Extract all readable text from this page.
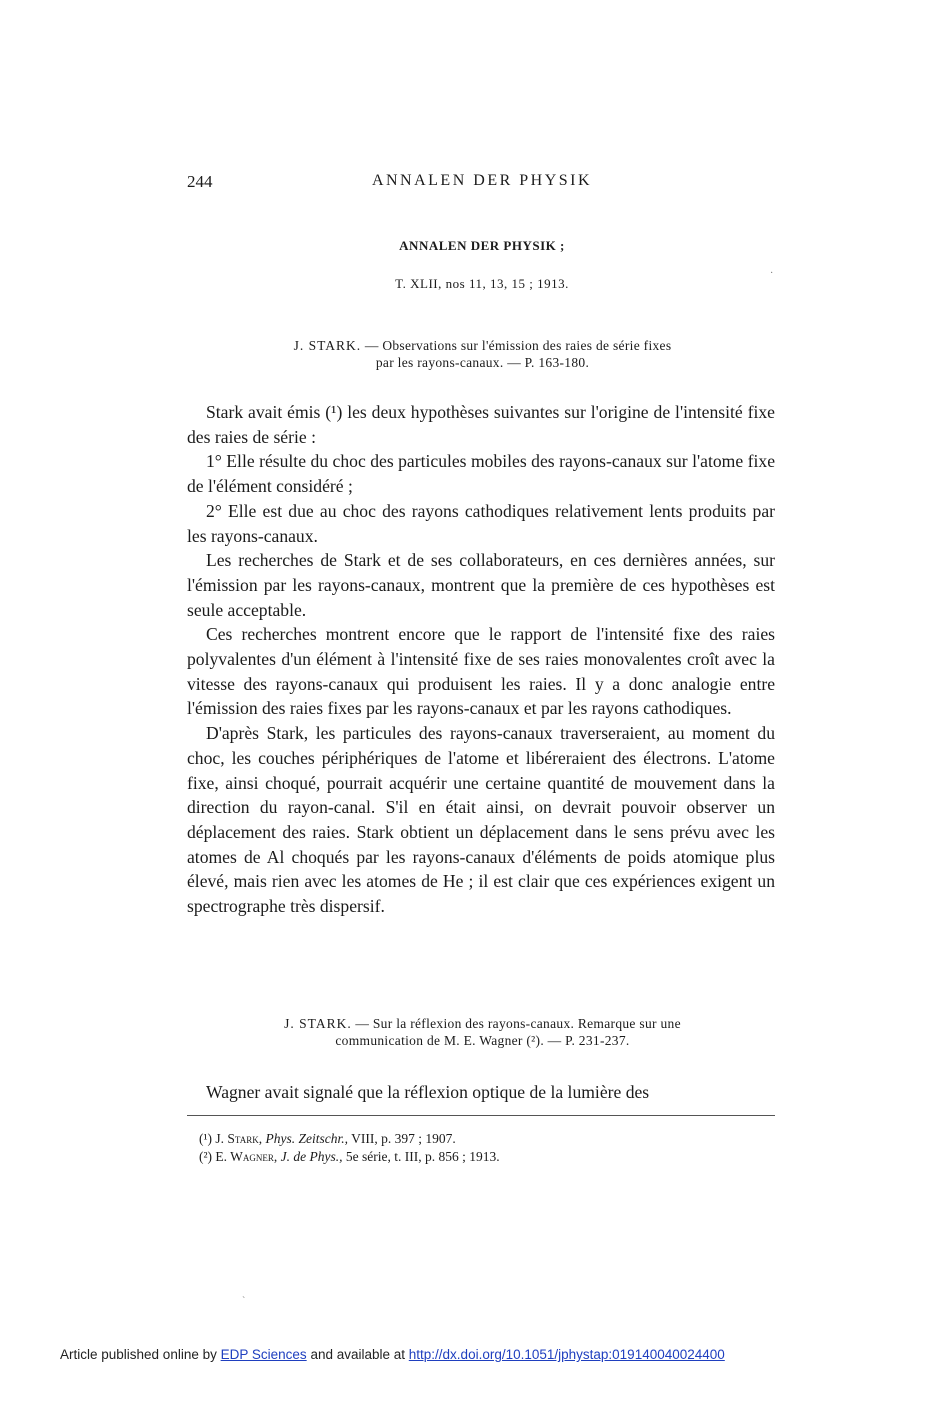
244	ANNALEN DER PHYSIK
ANNALEN DER PHYSIK ;
T. XLII, nos 11, 13, 15 ; 1913.
J. STARK. — Observations sur l'émission des raies de série fixes
par les rayons-canaux. — P. 163-180.

Stark avait émis (¹) les deux hypothèses suivantes sur l'origine de l'intensité fixe des raies de série :

1° Elle résulte du choc des particules mobiles des rayons-canaux sur l'atome fixe de l'élément considéré ;

2° Elle est due au choc des rayons cathodiques relativement lents produits par les rayons-canaux.

Les recherches de Stark et de ses collaborateurs, en ces dernières années, sur l'émission par les rayons-canaux, montrent que la première de ces hypothèses est seule acceptable.

Ces recherches montrent encore que le rapport de l'intensité fixe des raies polyvalentes d'un élément à l'intensité fixe de ses raies monovalentes croît avec la vitesse des rayons-canaux qui produisent les raies. Il y a donc analogie entre l'émission des raies fixes par les rayons-canaux et par les rayons cathodiques.

D'après Stark, les particules des rayons-canaux traverseraient, au moment du choc, les couches périphériques de l'atome et libéreraient des électrons. L'atome fixe, ainsi choqué, pourrait acquérir une certaine quantité de mouvement dans la direction du rayon-canal. S'il en était ainsi, on devrait pouvoir observer un déplacement des raies. Stark obtient un déplacement dans le sens prévu avec les atomes de Al choqués par les rayons-canaux d'éléments de poids atomique plus élevé, mais rien avec les atomes de He ; il est clair que ces expériences exigent un spectrographe très dispersif.

J. STARK. — Sur la réflexion des rayons-canaux. Remarque sur une
communication de M. E. Wagner (²). — P. 231-237.

Wagner avait signalé que la réflexion optique de la lumière des

(¹) J. Stark, Phys. Zeitschr., VIII, p. 397 ; 1907.
(²) E. Wagner, J. de Phys., 5e série, t. III, p. 856 ; 1913.
·
ˋ
Article published online by EDP Sciences and available at http://dx.doi.org/10.1051/jphystap:019140040024400
